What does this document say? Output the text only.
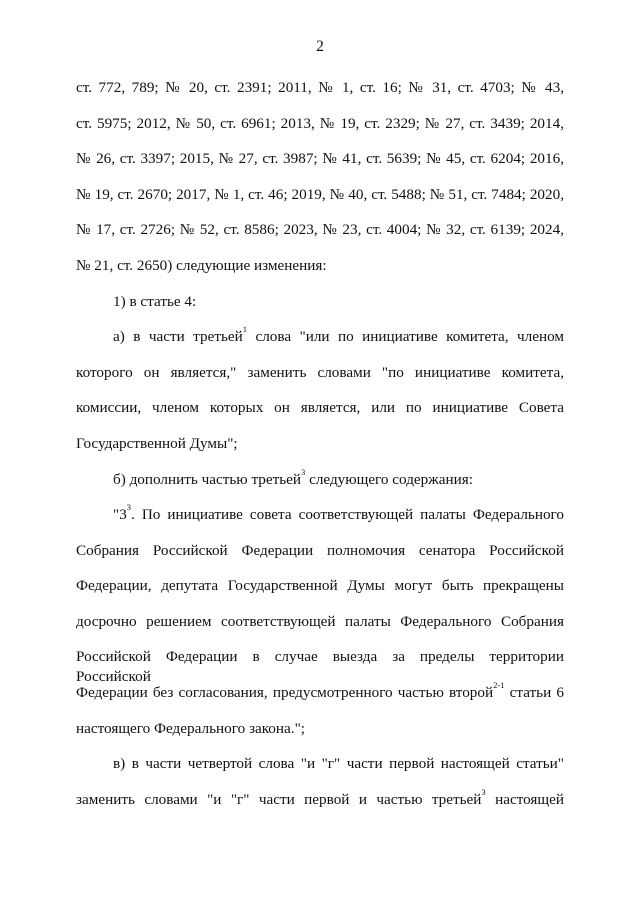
2
ст. 772, 789; № 20, ст. 2391; 2011, № 1, ст. 16; № 31, ст. 4703; № 43,
ст. 5975; 2012, № 50, ст. 6961; 2013, № 19, ст. 2329; № 27, ст. 3439; 2014,
№ 26, ст. 3397; 2015, № 27, ст. 3987; № 41, ст. 5639; № 45, ст. 6204; 2016,
№ 19, ст. 2670; 2017, № 1, ст. 46; 2019, № 40, ст. 5488; № 51, ст. 7484; 2020,
№ 17, ст. 2726; № 52, ст. 8586; 2023, № 23, ст. 4004; № 32, ст. 6139; 2024,
№ 21, ст. 2650) следующие изменения:
1) в статье 4:
а) в части третьей$^1$ слова "или по инициативе комитета, членом
которого он является," заменить словами "по инициативе комитета,
комиссии, членом которых он является, или по инициативе Совета
Государственной Думы";
б) дополнить частью третьей$^3$ следующего содержания:
"$3^3$. По инициативе совета соответствующей палаты Федерального
Собрания Российской Федерации полномочия сенатора Российской
Федерации, депутата Государственной Думы могут быть прекращены
досрочно решением соответствующей палаты Федерального Собрания
Российской Федерации в случае выезда за пределы территории Российской
Федерации без согласования, предусмотренного частью второй$^{2-1}$ статьи 6
настоящего Федерального закона.";
в) в части четвертой слова "и "г" части первой настоящей статьи"
заменить словами "и "г" части первой и частью третьей$^3$ настоящей
